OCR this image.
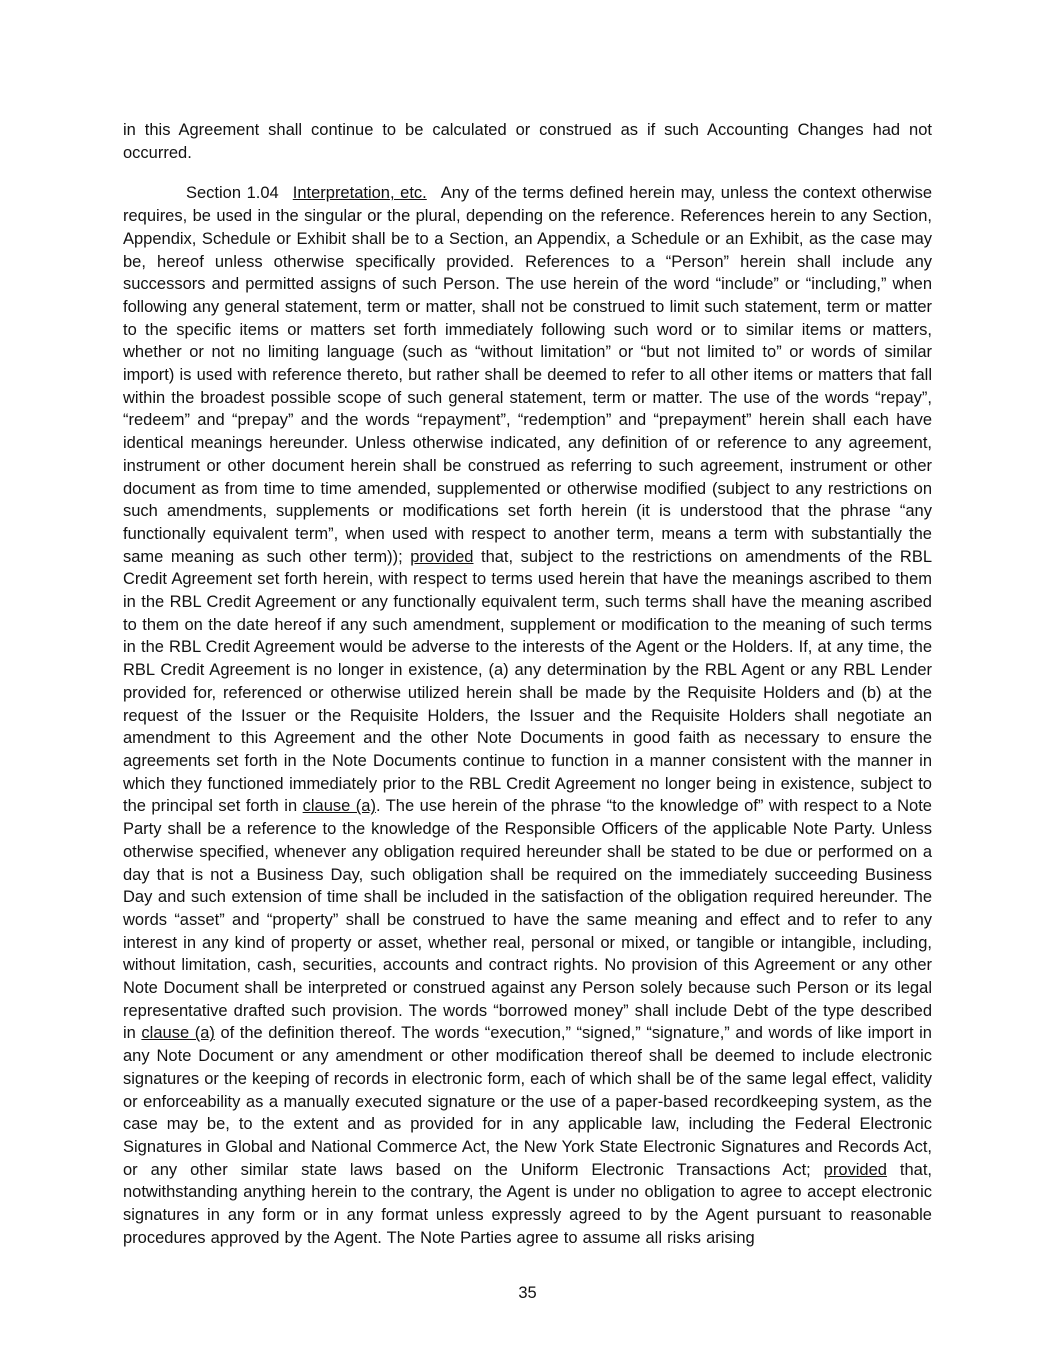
in this Agreement shall continue to be calculated or construed as if such Accounting Changes had not occurred.

Section 1.04 Interpretation, etc. Any of the terms defined herein may, unless the context otherwise requires, be used in the singular or the plural, depending on the reference. References herein to any Section, Appendix, Schedule or Exhibit shall be to a Section, an Appendix, a Schedule or an Exhibit, as the case may be, hereof unless otherwise specifically provided. References to a “Person” herein shall include any successors and permitted assigns of such Person. The use herein of the word “include” or “including,” when following any general statement, term or matter, shall not be construed to limit such statement, term or matter to the specific items or matters set forth immediately following such word or to similar items or matters, whether or not no limiting language (such as “without limitation” or “but not limited to” or words of similar import) is used with reference thereto, but rather shall be deemed to refer to all other items or matters that fall within the broadest possible scope of such general statement, term or matter. The use of the words “repay”, “redeem” and “prepay” and the words “repayment”, “redemption” and “prepayment” herein shall each have identical meanings hereunder. Unless otherwise indicated, any definition of or reference to any agreement, instrument or other document herein shall be construed as referring to such agreement, instrument or other document as from time to time amended, supplemented or otherwise modified (subject to any restrictions on such amendments, supplements or modifications set forth herein (it is understood that the phrase “any functionally equivalent term”, when used with respect to another term, means a term with substantially the same meaning as such other term)); provided that, subject to the restrictions on amendments of the RBL Credit Agreement set forth herein, with respect to terms used herein that have the meanings ascribed to them in the RBL Credit Agreement or any functionally equivalent term, such terms shall have the meaning ascribed to them on the date hereof if any such amendment, supplement or modification to the meaning of such terms in the RBL Credit Agreement would be adverse to the interests of the Agent or the Holders. If, at any time, the RBL Credit Agreement is no longer in existence, (a) any determination by the RBL Agent or any RBL Lender provided for, referenced or otherwise utilized herein shall be made by the Requisite Holders and (b) at the request of the Issuer or the Requisite Holders, the Issuer and the Requisite Holders shall negotiate an amendment to this Agreement and the other Note Documents in good faith as necessary to ensure the agreements set forth in the Note Documents continue to function in a manner consistent with the manner in which they functioned immediately prior to the RBL Credit Agreement no longer being in existence, subject to the principal set forth in clause (a). The use herein of the phrase “to the knowledge of” with respect to a Note Party shall be a reference to the knowledge of the Responsible Officers of the applicable Note Party. Unless otherwise specified, whenever any obligation required hereunder shall be stated to be due or performed on a day that is not a Business Day, such obligation shall be required on the immediately succeeding Business Day and such extension of time shall be included in the satisfaction of the obligation required hereunder. The words “asset” and “property” shall be construed to have the same meaning and effect and to refer to any interest in any kind of property or asset, whether real, personal or mixed, or tangible or intangible, including, without limitation, cash, securities, accounts and contract rights. No provision of this Agreement or any other Note Document shall be interpreted or construed against any Person solely because such Person or its legal representative drafted such provision. The words “borrowed money” shall include Debt of the type described in clause (a) of the definition thereof. The words “execution,” “signed,” “signature,” and words of like import in any Note Document or any amendment or other modification thereof shall be deemed to include electronic signatures or the keeping of records in electronic form, each of which shall be of the same legal effect, validity or enforceability as a manually executed signature or the use of a paper-based recordkeeping system, as the case may be, to the extent and as provided for in any applicable law, including the Federal Electronic Signatures in Global and National Commerce Act, the New York State Electronic Signatures and Records Act, or any other similar state laws based on the Uniform Electronic Transactions Act; provided that, notwithstanding anything herein to the contrary, the Agent is under no obligation to agree to accept electronic signatures in any form or in any format unless expressly agreed to by the Agent pursuant to reasonable procedures approved by the Agent. The Note Parties agree to assume all risks arising

35
